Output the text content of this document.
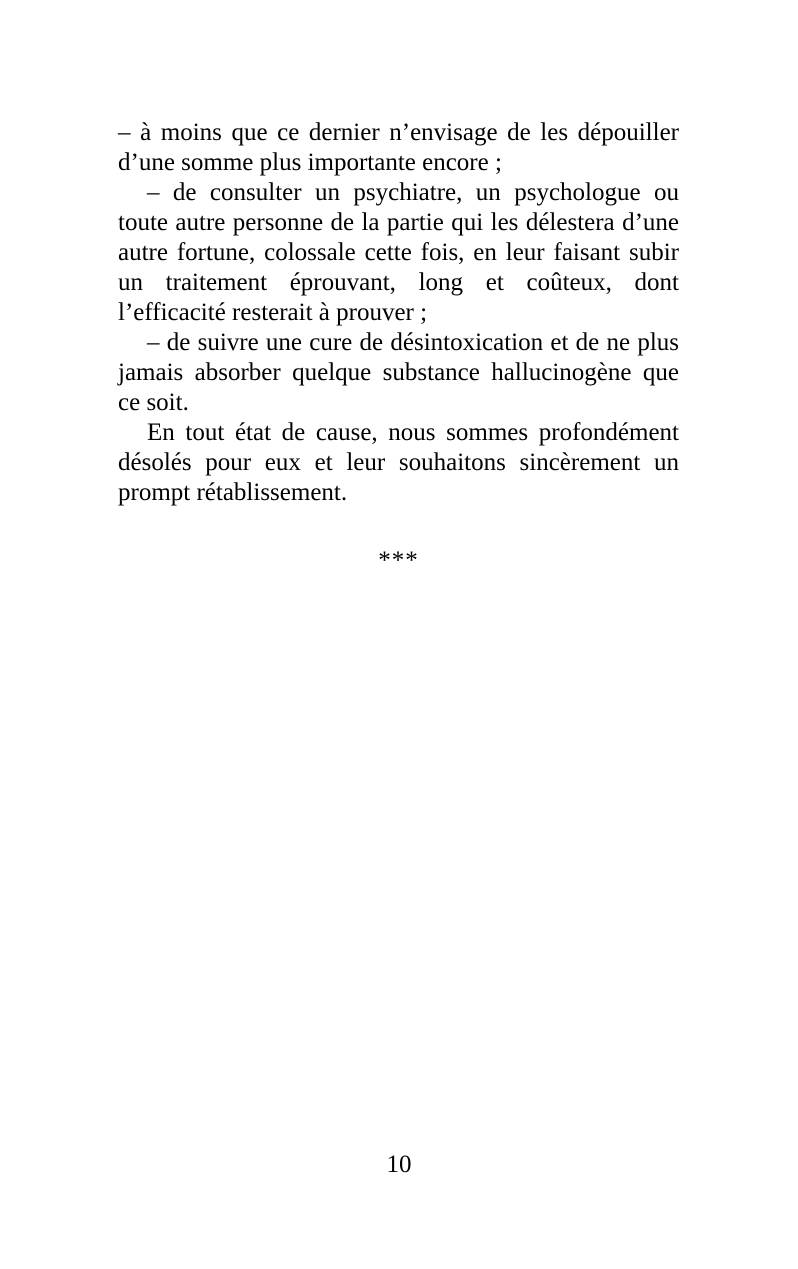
– à moins que ce dernier n’envisage de les dépouiller d’une somme plus importante encore ;

– de consulter un psychiatre, un psychologue ou toute autre personne de la partie qui les délestera d’une autre fortune, colossale cette fois, en leur faisant subir un traitement éprouvant, long et coûteux, dont l’efficacité resterait à prouver ;

– de suivre une cure de désintoxication et de ne plus jamais absorber quelque substance hallucinogène que ce soit.

En tout état de cause, nous sommes profondément désolés pour eux et leur souhaitons sincèrement un prompt rétablissement.

***
10
